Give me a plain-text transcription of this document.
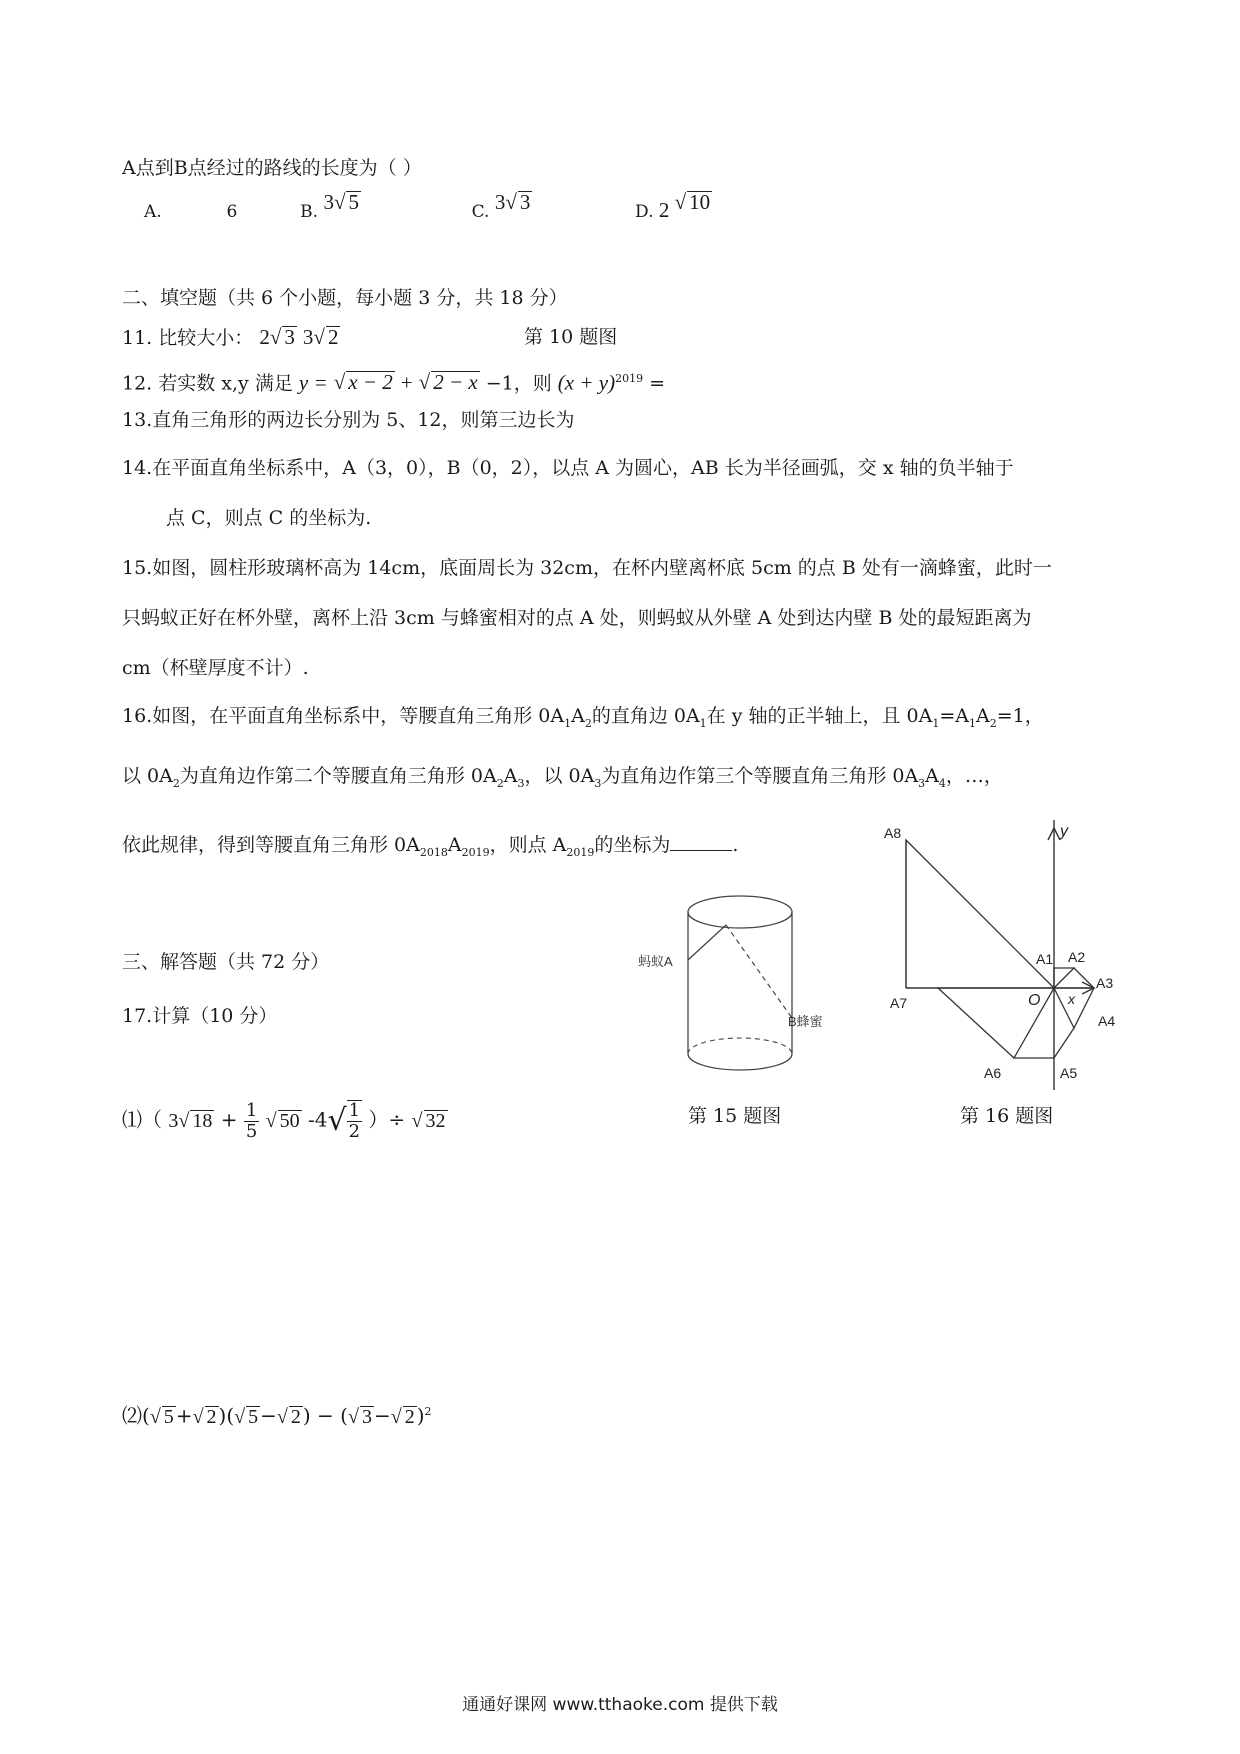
A点到B点经过的路线的长度为（ ）
A.	6	B. 3√ 5	C. 3√ 3	D. 2 √ 10
二、填空题（共 6 个小题，每小题 3 分，共 18 分）
11. 比较大小： 2√ 3 3√ 2	第 10 题图
12. 若实数 x,y 满足 y = √ x − 2 + √ 2 − x −1，则 $(x + y)^{2019}$ =
13.直角三角形的两边长分别为 5、12，则第三边长为
14.在平面直角坐标系中，A（3，0），B（0，2），以点 A 为圆心，AB 长为半径画弧，交 x 轴的负半轴于
点 C，则点 C 的坐标为.
15.如图，圆柱形玻璃杯高为 14cm，底面周长为 32cm，在杯内壁离杯底 5cm 的点 B 处有一滴蜂蜜，此时一
只蚂蚁正好在杯外壁，离杯上沿 3cm 与蜂蜜相对的点 A 处，则蚂蚁从外壁 A 处到达内壁 B 处的最短距离为
cm（杯壁厚度不计）.
16.如图，在平面直角坐标系中，等腰直角三角形 $0A_1A_2$的直角边 $0A_1$在 y 轴的正半轴上，且 $0A_1=A_1A_2=1$，
以 $0A_2$为直角边作第二个等腰直角三角形 $0A_2A_3$，以 $0A_3$为直角边作第三个等腰直角三角形 $0A_3A_4$，…，
依此规律，得到等腰直角三角形 $0A_{2018}A_{2019}$，则点 $A_{2019}$的坐标为	.
三、解答题（共 72 分）
17.计算（10 分）
⑴（ 3√ $18 + \frac{1}{5}$ √ 50 $-4√ \frac{1}{2}$ ）÷ √ 32
⑵(√ 5 +√ 2 )(√ 5 −√ 2 ) − (√ 3 −√ 2 )$^2$
蚂蚁A
B蜂蜜
第 15 题图
y
x
O
A1 A2
A3
A4
A5
A6
A7
A8
第 16 题图
通通好课网 www.tthaoke.com 提供下载
